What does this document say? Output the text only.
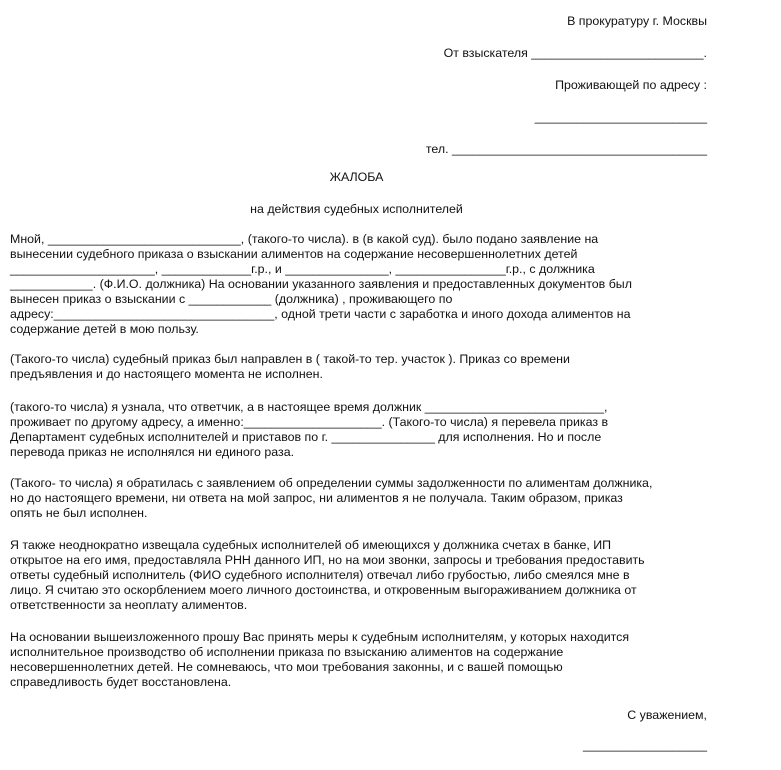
В прокуратуру г. Москвы
От взыскателя _________________________.
Проживающей по адресу :
_________________________
тел. _____________________________________
ЖАЛОБА
на действия судебных исполнителей
Мной, ____________________________, (такого-то числа). в (в какой суд). было подано заявление на
вынесении судебного приказа о взыскании алиментов на содержание несовершеннолетних детей
_____________________, _____________г.р., и _______________, ________________г.р., с должника
____________. (Ф.И.О. должника) На основании указанного заявления и предоставленных документов был
вынесен приказ о взыскании с ____________ (должника) , проживающего по
адресу:________________________________, одной трети части с заработка и иного дохода алиментов на
содержание детей в мою пользу.
(Такого-то числа) судебный приказ был направлен в ( такой-то тер. участок ). Приказ со времени
предъявления и до настоящего момента не исполнен.
(такого-то числа) я узнала, что ответчик, а в настоящее время должник __________________________,
проживает по другому адресу, а именно:____________________. (Такого-то числа) я перевела приказ в
Департамент судебных исполнителей и приставов по г. _______________ для исполнения. Но и после
перевода приказ не исполнялся ни единого раза.
(Такого- то числа) я обратилась с заявлением об определении суммы задолженности по алиментам должника,
но до настоящего времени, ни ответа на мой запрос, ни алиментов я не получала. Таким образом, приказ
опять не был исполнен.
Я также неоднократно извещала судебных исполнителей об имеющихся у должника счетах в банке, ИП
открытое на его имя, предоставляла РНН данного ИП, но на мои звонки, запросы и требования предоставить
ответы судебный исполнитель (ФИО судебного исполнителя) отвечал либо грубостью, либо смеялся мне в
лицо. Я считаю это оскорблением моего личного достоинства, и откровенным выгораживанием должника от
ответственности за неоплату алиментов.
На основании вышеизложенного прошу Вас принять меры к судебным исполнителям, у которых находится
исполнительное производство об исполнении приказа по взысканию алиментов на содержание
несовершеннолетних детей. Не сомневаюсь, что мои требования законны, и с вашей помощью
справедливость будет восстановлена.
С уважением,
__________________
